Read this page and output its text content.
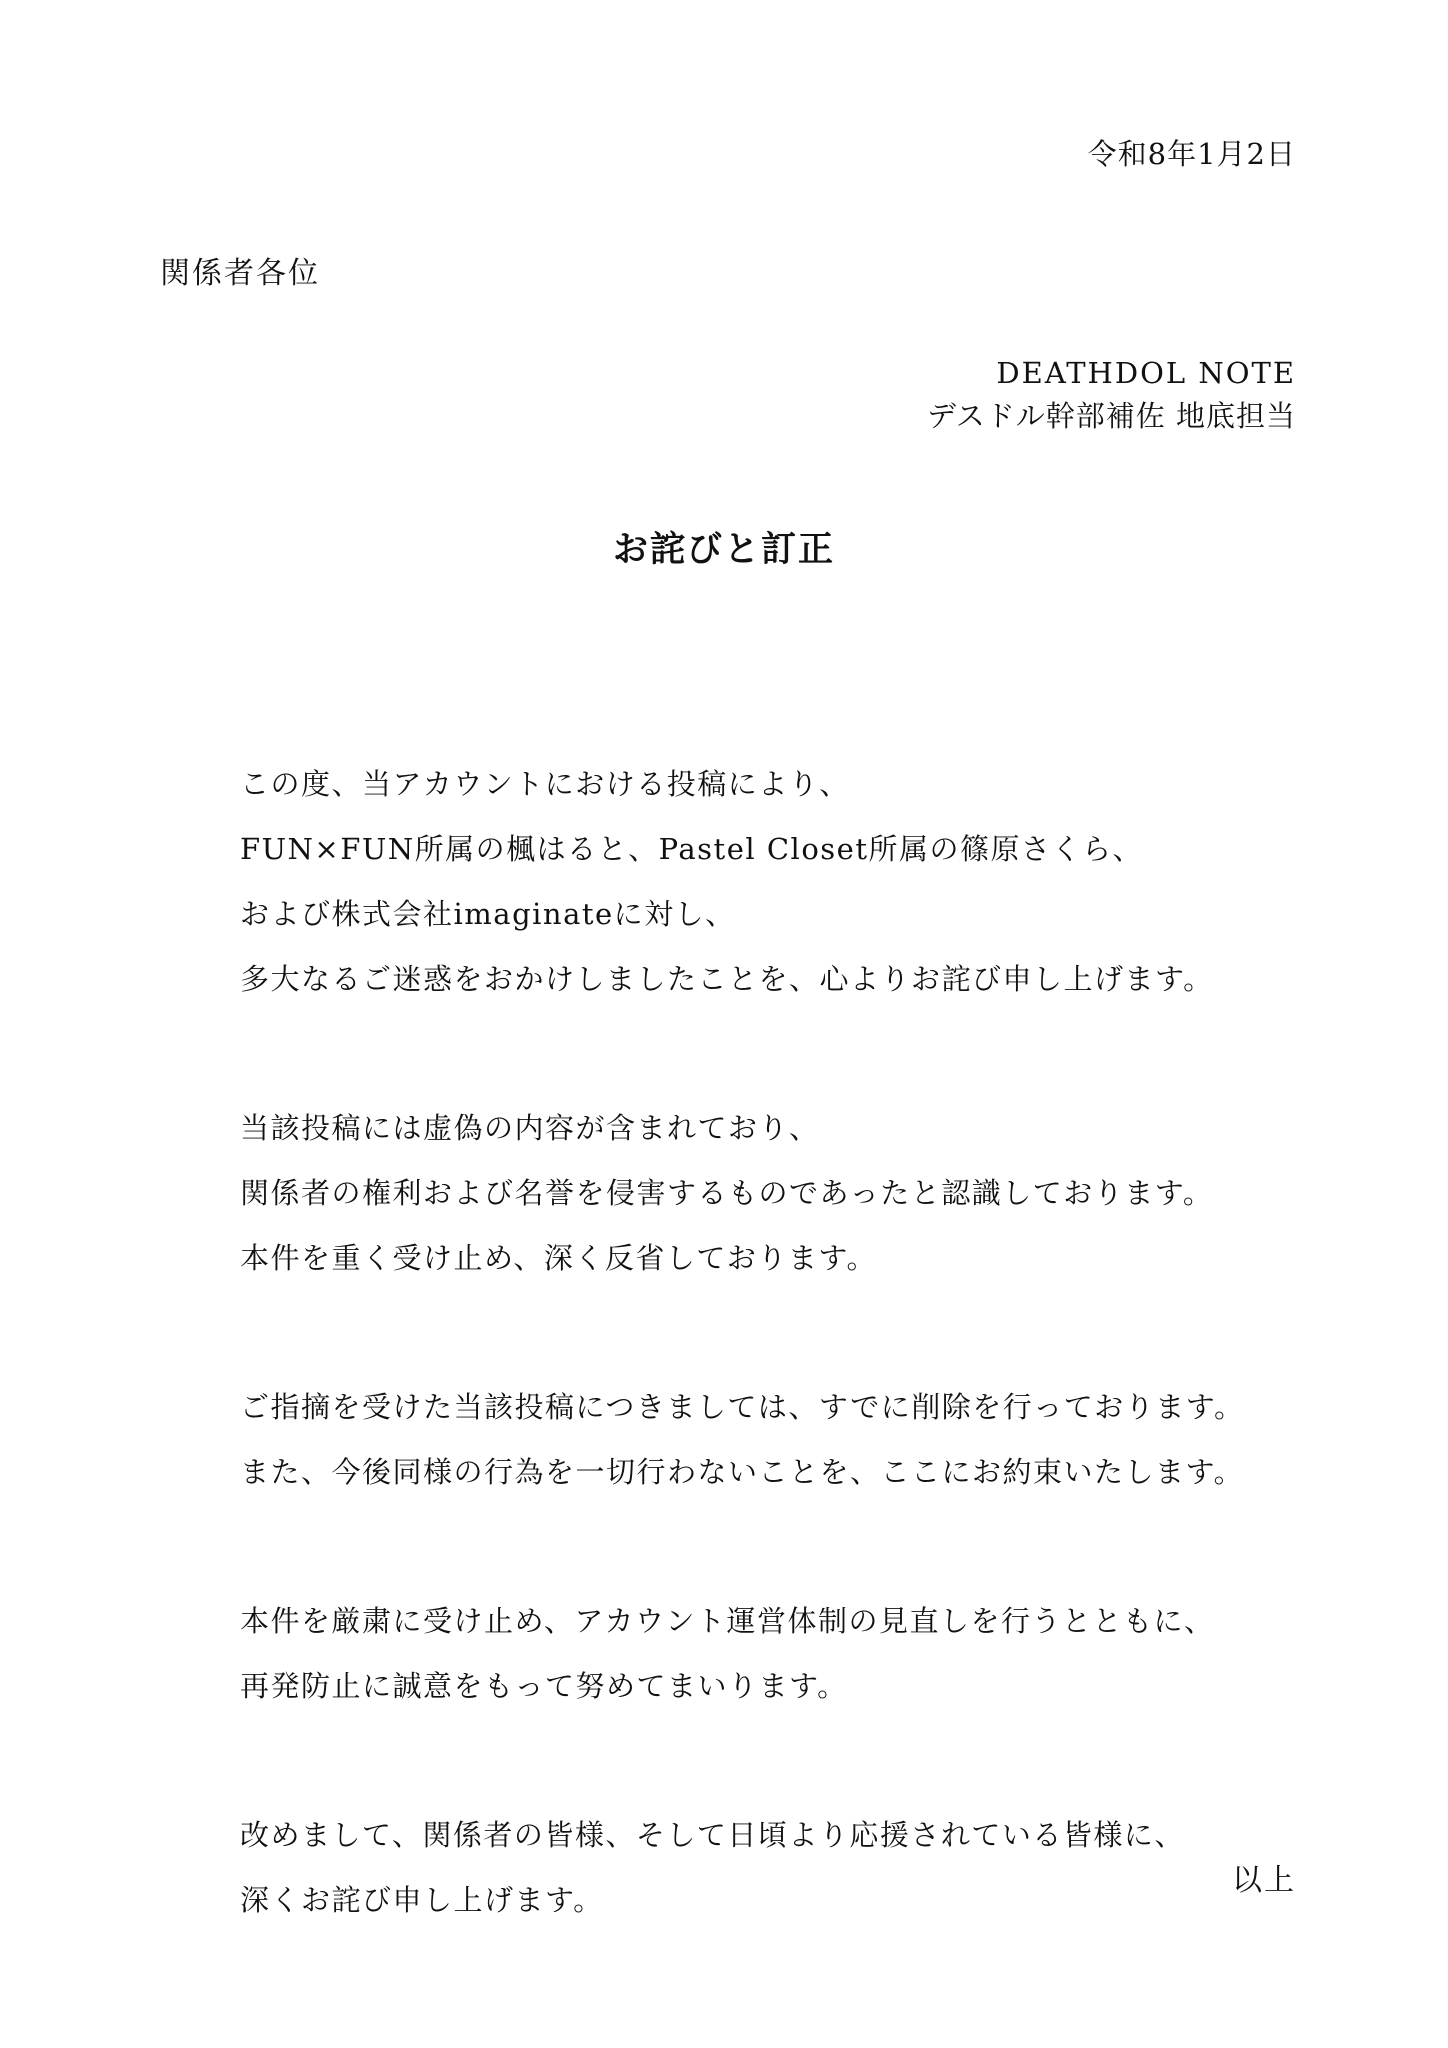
令和8年1月2日
関係者各位
DEATHDOL NOTE
デスドル幹部補佐 地底担当
お詫びと訂正
この度、当アカウントにおける投稿により、
FUN×FUN所属の楓はると、Pastel Closet所属の篠原さくら、
および株式会社imaginateに対し、
多大なるご迷惑をおかけしましたことを、心よりお詫び申し上げます。
当該投稿には虚偽の内容が含まれており、
関係者の権利および名誉を侵害するものであったと認識しております。
本件を重く受け止め、深く反省しております。
ご指摘を受けた当該投稿につきましては、すでに削除を行っております。
また、今後同様の行為を一切行わないことを、ここにお約束いたします。
本件を厳粛に受け止め、アカウント運営体制の見直しを行うとともに、
再発防止に誠意をもって努めてまいります。
改めまして、関係者の皆様、そして日頃より応援されている皆様に、
深くお詫び申し上げます。
以上
